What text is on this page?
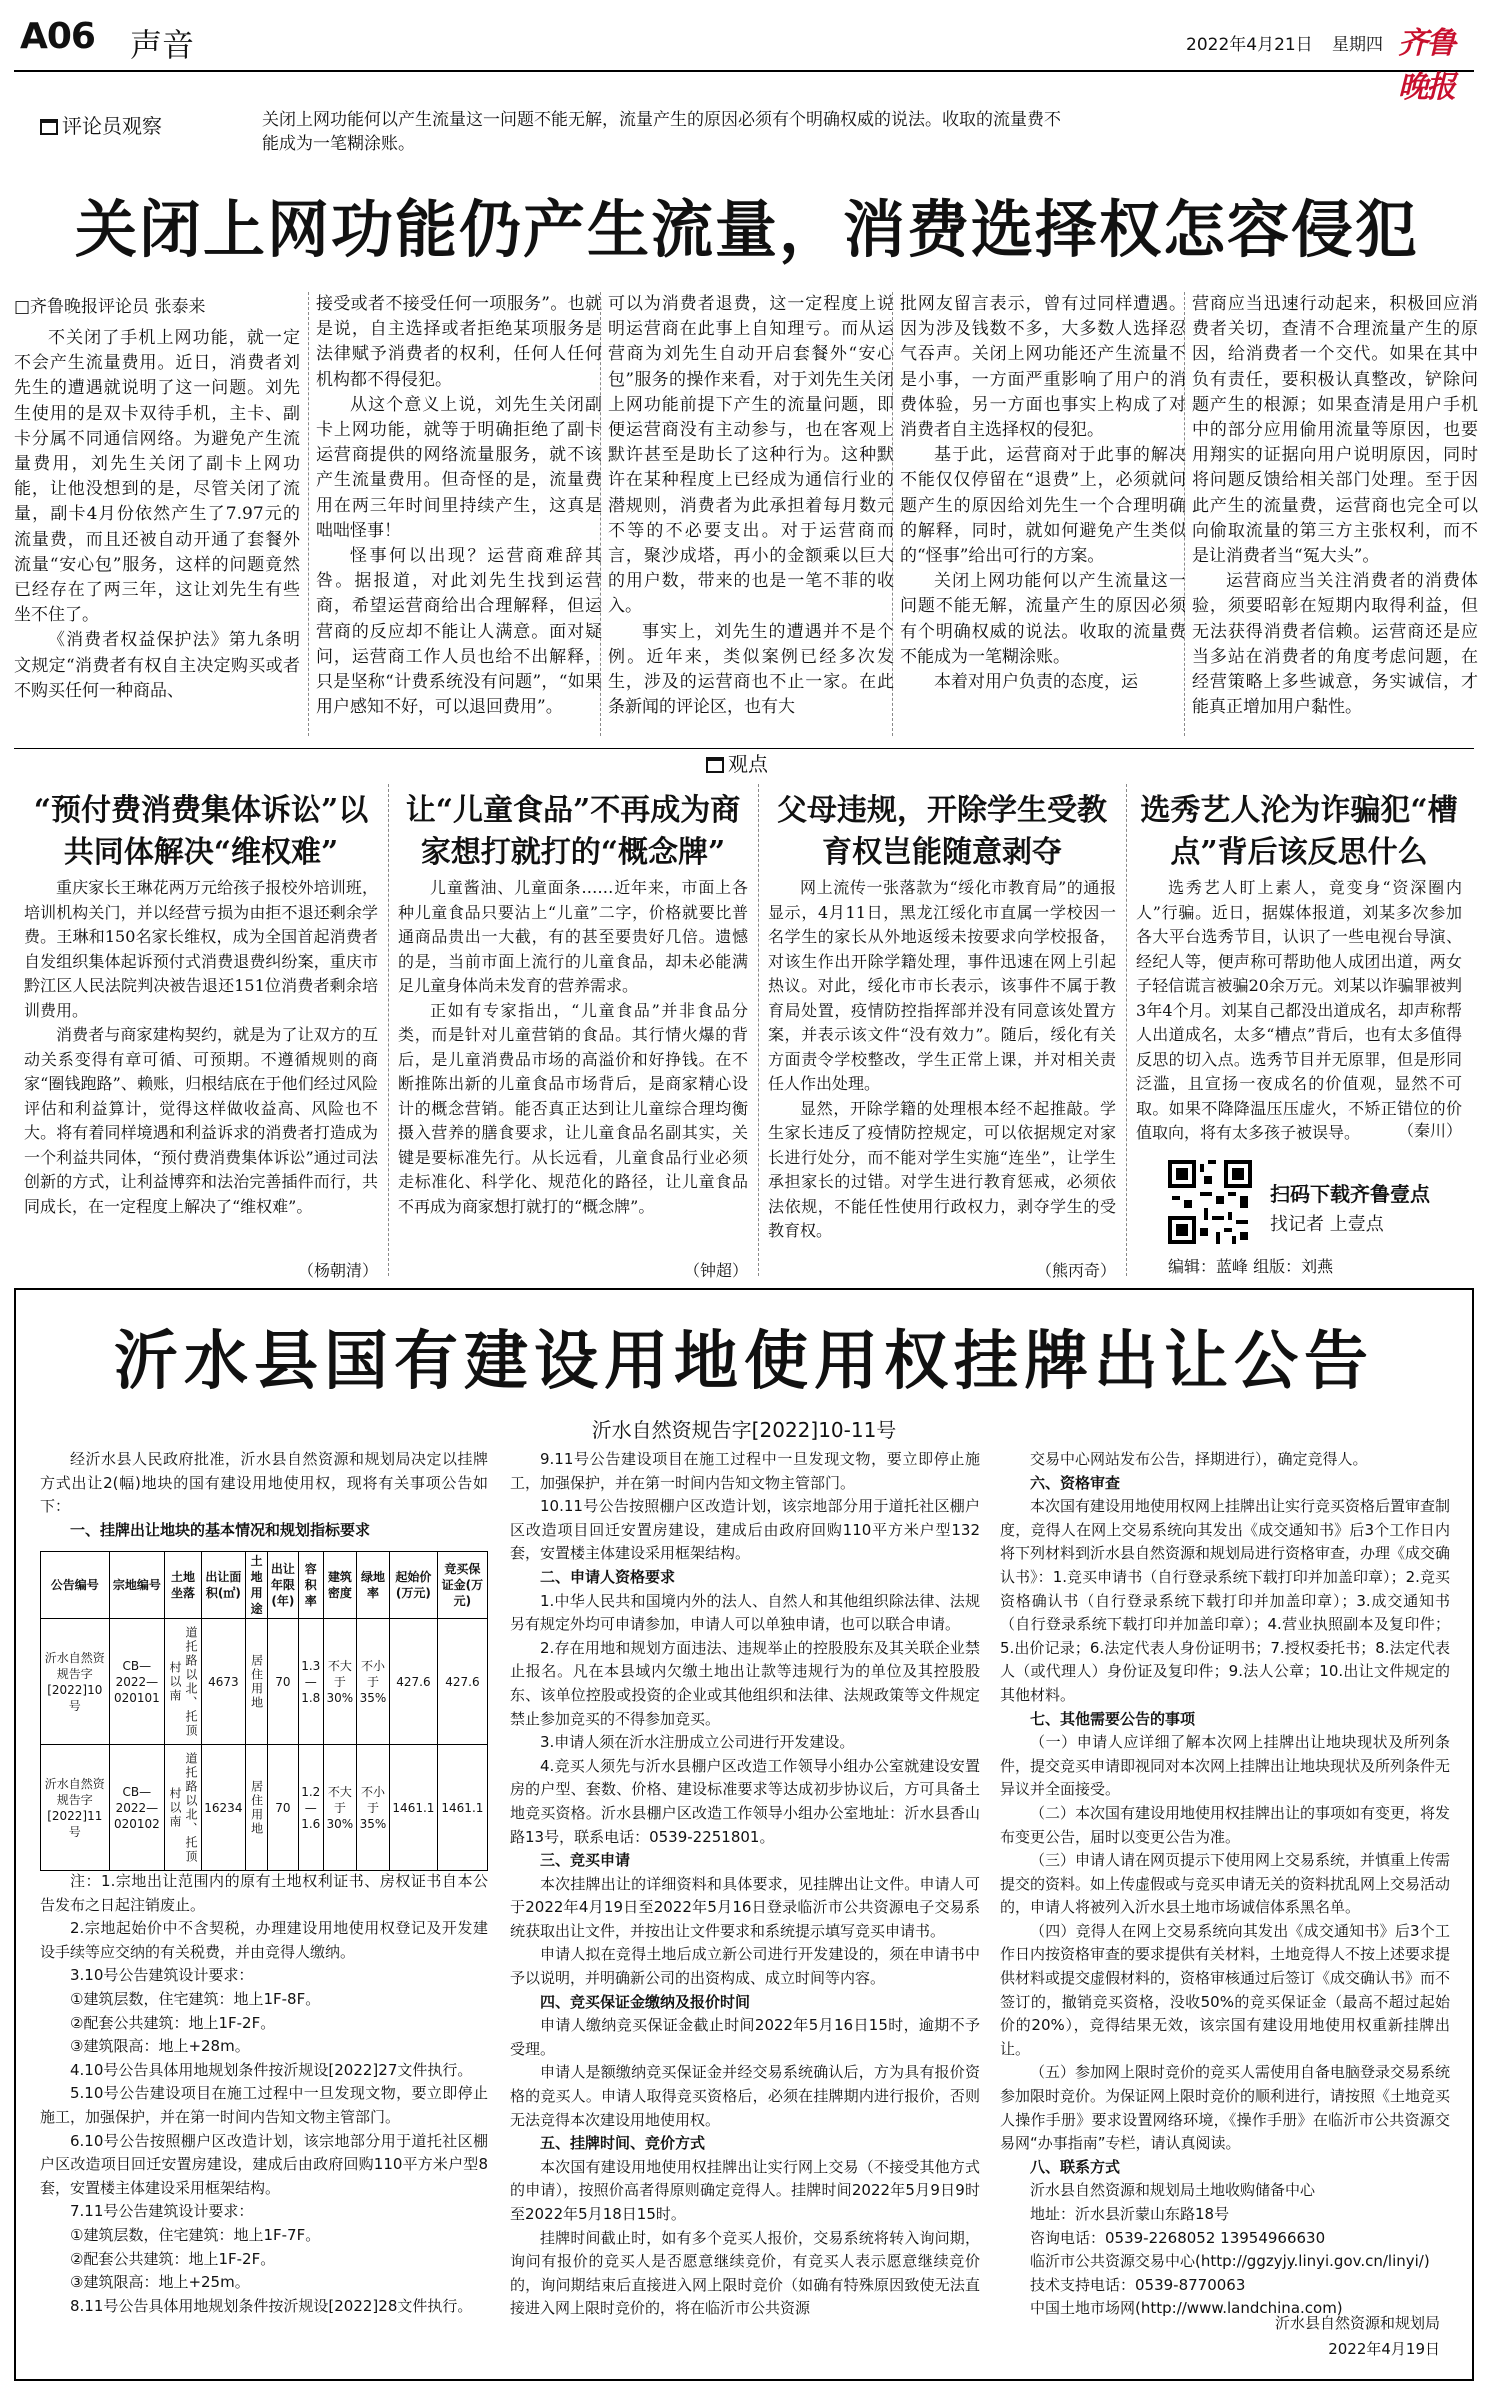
A06 声音	2022年4月21日 星期四 齐鲁晚报
评论员观察	关闭上网功能何以产生流量这一问题不能无解，流量产生的原因必须有个明确权威的说法。收取的流量费不能成为一笔糊涂账。
关闭上网功能仍产生流量，消费选择权怎容侵犯
□齐鲁晚报评论员 张泰来

不关闭了手机上网功能，就一定不会产生流量费用。近日，消费者刘先生的遭遇就说明了这一问题。刘先生使用的是双卡双待手机，主卡、副卡分属不同通信网络。为避免产生流量费用，刘先生关闭了副卡上网功能，让他没想到的是，尽管关闭了流量，副卡4月份依然产生了7.97元的流量费，而且还被自动开通了套餐外流量“安心包”服务，这样的问题竟然已经存在了两三年，这让刘先生有些坐不住了。

《消费者权益保护法》第九条明文规定“消费者有权自主决定购买或者不购买任何一种商品、

接受或者不接受任何一项服务”。也就是说，自主选择或者拒绝某项服务是法律赋予消费者的权利，任何人任何机构都不得侵犯。

从这个意义上说，刘先生关闭副卡上网功能，就等于明确拒绝了副卡运营商提供的网络流量服务，就不该产生流量费用。但奇怪的是，流量费用在两三年时间里持续产生，这真是咄咄怪事！

怪事何以出现？运营商难辞其咎。据报道，对此刘先生找到运营商，希望运营商给出合理解释，但运营商的反应却不能让人满意。面对疑问，运营商工作人员也给不出解释，只是坚称“计费系统没有问题”，“如果用户感知不好，可以退回费用”。

可以为消费者退费，这一定程度上说明运营商在此事上自知理亏。而从运营商为刘先生自动开启套餐外“安心包”服务的操作来看，对于刘先生关闭上网功能前提下产生的流量问题，即便运营商没有主动参与，也在客观上默许甚至是助长了这种行为。这种默许在某种程度上已经成为通信行业的潜规则，消费者为此承担着每月数元不等的不必要支出。对于运营商而言，聚沙成塔，再小的金额乘以巨大的用户数，带来的也是一笔不菲的收入。

事实上，刘先生的遭遇并不是个例。近年来，类似案例已经多次发生，涉及的运营商也不止一家。在此条新闻的评论区，也有大

批网友留言表示，曾有过同样遭遇。因为涉及钱数不多，大多数人选择忍气吞声。关闭上网功能还产生流量不是小事，一方面严重影响了用户的消费体验，另一方面也事实上构成了对消费者自主选择权的侵犯。

基于此，运营商对于此事的解决不能仅仅停留在“退费”上，必须就问题产生的原因给刘先生一个合理明确的解释，同时，就如何避免产生类似的“怪事”给出可行的方案。

关闭上网功能何以产生流量这一问题不能无解，流量产生的原因必须有个明确权威的说法。收取的流量费不能成为一笔糊涂账。

本着对用户负责的态度，运

营商应当迅速行动起来，积极回应消费者关切，查清不合理流量产生的原因，给消费者一个交代。如果在其中负有责任，要积极认真整改，铲除问题产生的根源；如果查清是用户手机中的部分应用偷用流量等原因，也要用翔实的证据向用户说明原因，同时将问题反馈给相关部门处理。至于因此产生的流量费，运营商也完全可以向偷取流量的第三方主张权利，而不是让消费者当“冤大头”。

运营商应当关注消费者的消费体验，须要昭彰在短期内取得利益，但无法获得消费者信赖。运营商还是应当多站在消费者的角度考虑问题，在经营策略上多些诚意，务实诚信，才能真正增加用户黏性。

观点
“预付费消费集体诉讼”以共同体解决“维权难”

重庆家长王琳花两万元给孩子报校外培训班，培训机构关门，并以经营亏损为由拒不退还剩余学费。王琳和150名家长维权，成为全国首起消费者自发组织集体起诉预付式消费退费纠纷案，重庆市黔江区人民法院判决被告退还151位消费者剩余培训费用。

消费者与商家建构契约，就是为了让双方的互动关系变得有章可循、可预期。不遵循规则的商家“圈钱跑路”、赖账，归根结底在于他们经过风险评估和利益算计，觉得这样做收益高、风险也不大。将有着同样境遇和利益诉求的消费者打造成为一个利益共同体，“预付费消费集体诉讼”通过司法创新的方式，让利益博弈和法治完善插件而行，共同成长，在一定程度上解决了“维权难”。

（杨朝清）
让“儿童食品”不再成为商家想打就打的“概念牌”

儿童酱油、儿童面条……近年来，市面上各种儿童食品只要沾上“儿童”二字，价格就要比普通商品贵出一大截，有的甚至要贵好几倍。遗憾的是，当前市面上流行的儿童食品，却未必能满足儿童身体尚未发育的营养需求。

正如有专家指出，“儿童食品”并非食品分类，而是针对儿童营销的食品。其行情火爆的背后，是儿童消费品市场的高溢价和好挣钱。在不断推陈出新的儿童食品市场背后，是商家精心设计的概念营销。能否真正达到让儿童综合理均衡摄入营养的膳食要求，让儿童食品名副其实，关键是要标准先行。从长远看，儿童食品行业必须走标准化、科学化、规范化的路径，让儿童食品不再成为商家想打就打的“概念牌”。

（钟超）
父母违规，开除学生受教育权岂能随意剥夺

网上流传一张落款为“绥化市教育局”的通报显示，4月11日，黑龙江绥化市直属一学校因一名学生的家长从外地返绥未按要求向学校报备，对该生作出开除学籍处理，事件迅速在网上引起热议。对此，绥化市市长表示，该事件不属于教育局处置，疫情防控指挥部并没有同意该处置方案，并表示该文件“没有效力”。随后，绥化有关方面责令学校整改，学生正常上课，并对相关责任人作出处理。

显然，开除学籍的处理根本经不起推敲。学生家长违反了疫情防控规定，可以依据规定对家长进行处分，而不能对学生实施“连坐”，让学生承担家长的过错。对学生进行教育惩戒，必须依法依规，不能任性使用行政权力，剥夺学生的受教育权。

（熊丙奇）
选秀艺人沦为诈骗犯“槽点”背后该反思什么

选秀艺人盯上素人，竟变身“资深圈内人”行骗。近日，据媒体报道，刘某多次参加各大平台选秀节目，认识了一些电视台导演、经纪人等，便声称可帮助他人成团出道，两女子轻信谎言被骗20余万元。刘某以诈骗罪被判3年4个月。刘某自己都没出道成名，却声称帮人出道成名，太多“槽点”背后，也有太多值得反思的切入点。选秀节目并无原罪，但是形同泛滥，且宣扬一夜成名的价值观，显然不可取。如果不降降温压压虚火，不矫正错位的价值取向，将有太多孩子被误导。	（秦川）
扫码下载齐鲁壹点
找记者 上壹点
编辑：蓝峰 组版：刘燕
沂水县国有建设用地使用权挂牌出让公告
沂水自然资规告字[2022]10-11号

经沂水县人民政府批准，沂水县自然资源和规划局决定以挂牌方式出让2(幅)地块的国有建设用地使用权，现将有关事项公告如下：

一、挂牌出让地块的基本情况和规划指标要求

公告编号	宗地编号	土地坐落	出让面积(㎡)	土地用途	出让年限(年)	容积率	建筑密度	绿地率	起始价(万元)	竞买保证金(万元)
沂水自然资规告字[2022]10号	CB—2022—020101	道托路以北、托顶村以南	4673	居住用地	70	1.3—1.8	不大于30%	不小于35%	427.6	427.6
沂水自然资规告字[2022]11号	CB—2022—020102	道托路以北、托顶村以南	16234	居住用地	70	1.2—1.6	不大于30%	不小于35%	1461.1	1461.1

注：1.宗地出让范围内的原有土地权利证书、房权证书自本公告发布之日起注销废止。

2.宗地起始价中不含契税，办理建设用地使用权登记及开发建设手续等应交纳的有关税费，并由竞得人缴纳。

3.10号公告建筑设计要求：

①建筑层数，住宅建筑：地上1F-8F。

②配套公共建筑：地上1F-2F。

③建筑限高：地上+28m。

4.10号公告具体用地规划条件按沂规设[2022]27文件执行。

5.10号公告建设项目在施工过程中一旦发现文物，要立即停止施工，加强保护，并在第一时间内告知文物主管部门。

6.10号公告按照棚户区改造计划，该宗地部分用于道托社区棚户区改造项目回迁安置房建设，建成后由政府回购110平方米户型8套，安置楼主体建设采用框架结构。

7.11号公告建筑设计要求：

①建筑层数，住宅建筑：地上1F-7F。

②配套公共建筑：地上1F-2F。

③建筑限高：地上+25m。

8.11号公告具体用地规划条件按沂规设[2022]28文件执行。

9.11号公告建设项目在施工过程中一旦发现文物，要立即停止施工，加强保护，并在第一时间内告知文物主管部门。

10.11号公告按照棚户区改造计划，该宗地部分用于道托社区棚户区改造项目回迁安置房建设，建成后由政府回购110平方米户型132套，安置楼主体建设采用框架结构。

二、申请人资格要求

1.中华人民共和国境内外的法人、自然人和其他组织除法律、法规另有规定外均可申请参加，申请人可以单独申请，也可以联合申请。

2.存在用地和规划方面违法、违规举止的控股股东及其关联企业禁止报名。凡在本县域内欠缴土地出让款等违规行为的单位及其控股股东、该单位控股或投资的企业或其他组织和法律、法规政策等文件规定禁止参加竞买的不得参加竞买。

3.申请人须在沂水注册成立公司进行开发建设。

4.竞买人须先与沂水县棚户区改造工作领导小组办公室就建设安置房的户型、套数、价格、建设标准要求等达成初步协议后，方可具备土地竞买资格。沂水县棚户区改造工作领导小组办公室地址：沂水县香山路13号，联系电话：0539-2251801。

三、竞买申请

本次挂牌出让的详细资料和具体要求，见挂牌出让文件。申请人可于2022年4月19日至2022年5月16日登录临沂市公共资源电子交易系统获取出让文件，并按出让文件要求和系统提示填写竞买申请书。

申请人拟在竞得土地后成立新公司进行开发建设的，须在申请书中予以说明，并明确新公司的出资构成、成立时间等内容。

四、竞买保证金缴纳及报价时间

申请人缴纳竞买保证金截止时间2022年5月16日15时，逾期不予受理。

申请人是额缴纳竞买保证金并经交易系统确认后，方为具有报价资格的竞买人。申请人取得竞买资格后，必须在挂牌期内进行报价，否则无法竞得本次建设用地使用权。

五、挂牌时间、竞价方式

本次国有建设用地使用权挂牌出让实行网上交易（不接受其他方式的申请），按照价高者得原则确定竞得人。挂牌时间2022年5月9日9时至2022年5月18日15时。

挂牌时间截止时，如有多个竞买人报价，交易系统将转入询问期，询问有报价的竞买人是否愿意继续竞价，有竞买人表示愿意继续竞价的，询问期结束后直接进入网上限时竞价（如确有特殊原因致使无法直接进入网上限时竞价的，将在临沂市公共资源

交易中心网站发布公告，择期进行），确定竞得人。

六、资格审查

本次国有建设用地使用权网上挂牌出让实行竞买资格后置审查制度，竞得人在网上交易系统向其发出《成交通知书》后3个工作日内将下列材料到沂水县自然资源和规划局进行资格审查，办理《成交确认书》：1.竞买申请书（自行登录系统下载打印并加盖印章）；2.竞买资格确认书（自行登录系统下载打印并加盖印章）；3.成交通知书（自行登录系统下载打印并加盖印章）；4.营业执照副本及复印件；5.出价记录；6.法定代表人身份证明书；7.授权委托书；8.法定代表人（或代理人）身份证及复印件；9.法人公章；10.出让文件规定的其他材料。

七、其他需要公告的事项

（一）申请人应详细了解本次网上挂牌出让地块现状及所列条件，提交竞买申请即视同对本次网上挂牌出让地块现状及所列条件无异议并全面接受。

（二）本次国有建设用地使用权挂牌出让的事项如有变更，将发布变更公告，届时以变更公告为准。

（三）申请人请在网页提示下使用网上交易系统，并慎重上传需提交的资料。如上传虚假或与竞买申请无关的资料扰乱网上交易活动的，申请人将被列入沂水县土地市场诚信体系黑名单。

（四）竞得人在网上交易系统向其发出《成交通知书》后3个工作日内按资格审查的要求提供有关材料，土地竞得人不按上述要求提供材料或提交虚假材料的，资格审核通过后签订《成交确认书》而不签订的，撤销竞买资格，没收50%的竞买保证金（最高不超过起始价的20%），竞得结果无效，该宗国有建设用地使用权重新挂牌出让。

（五）参加网上限时竞价的竞买人需使用自备电脑登录交易系统参加限时竞价。为保证网上限时竞价的顺利进行，请按照《土地竞买人操作手册》要求设置网络环境，《操作手册》在临沂市公共资源交易网“办事指南”专栏，请认真阅读。

八、联系方式

沂水县自然资源和规划局土地收购储备中心

地址：沂水县沂蒙山东路18号

咨询电话：0539-2268052 13954966630

临沂市公共资源交易中心(http://ggzyjy.linyi.gov.cn/linyi/)

技术支持电话：0539-8770063

中国土地市场网(http://www.landchina.com)

沂水县自然资源和规划局
2022年4月19日
